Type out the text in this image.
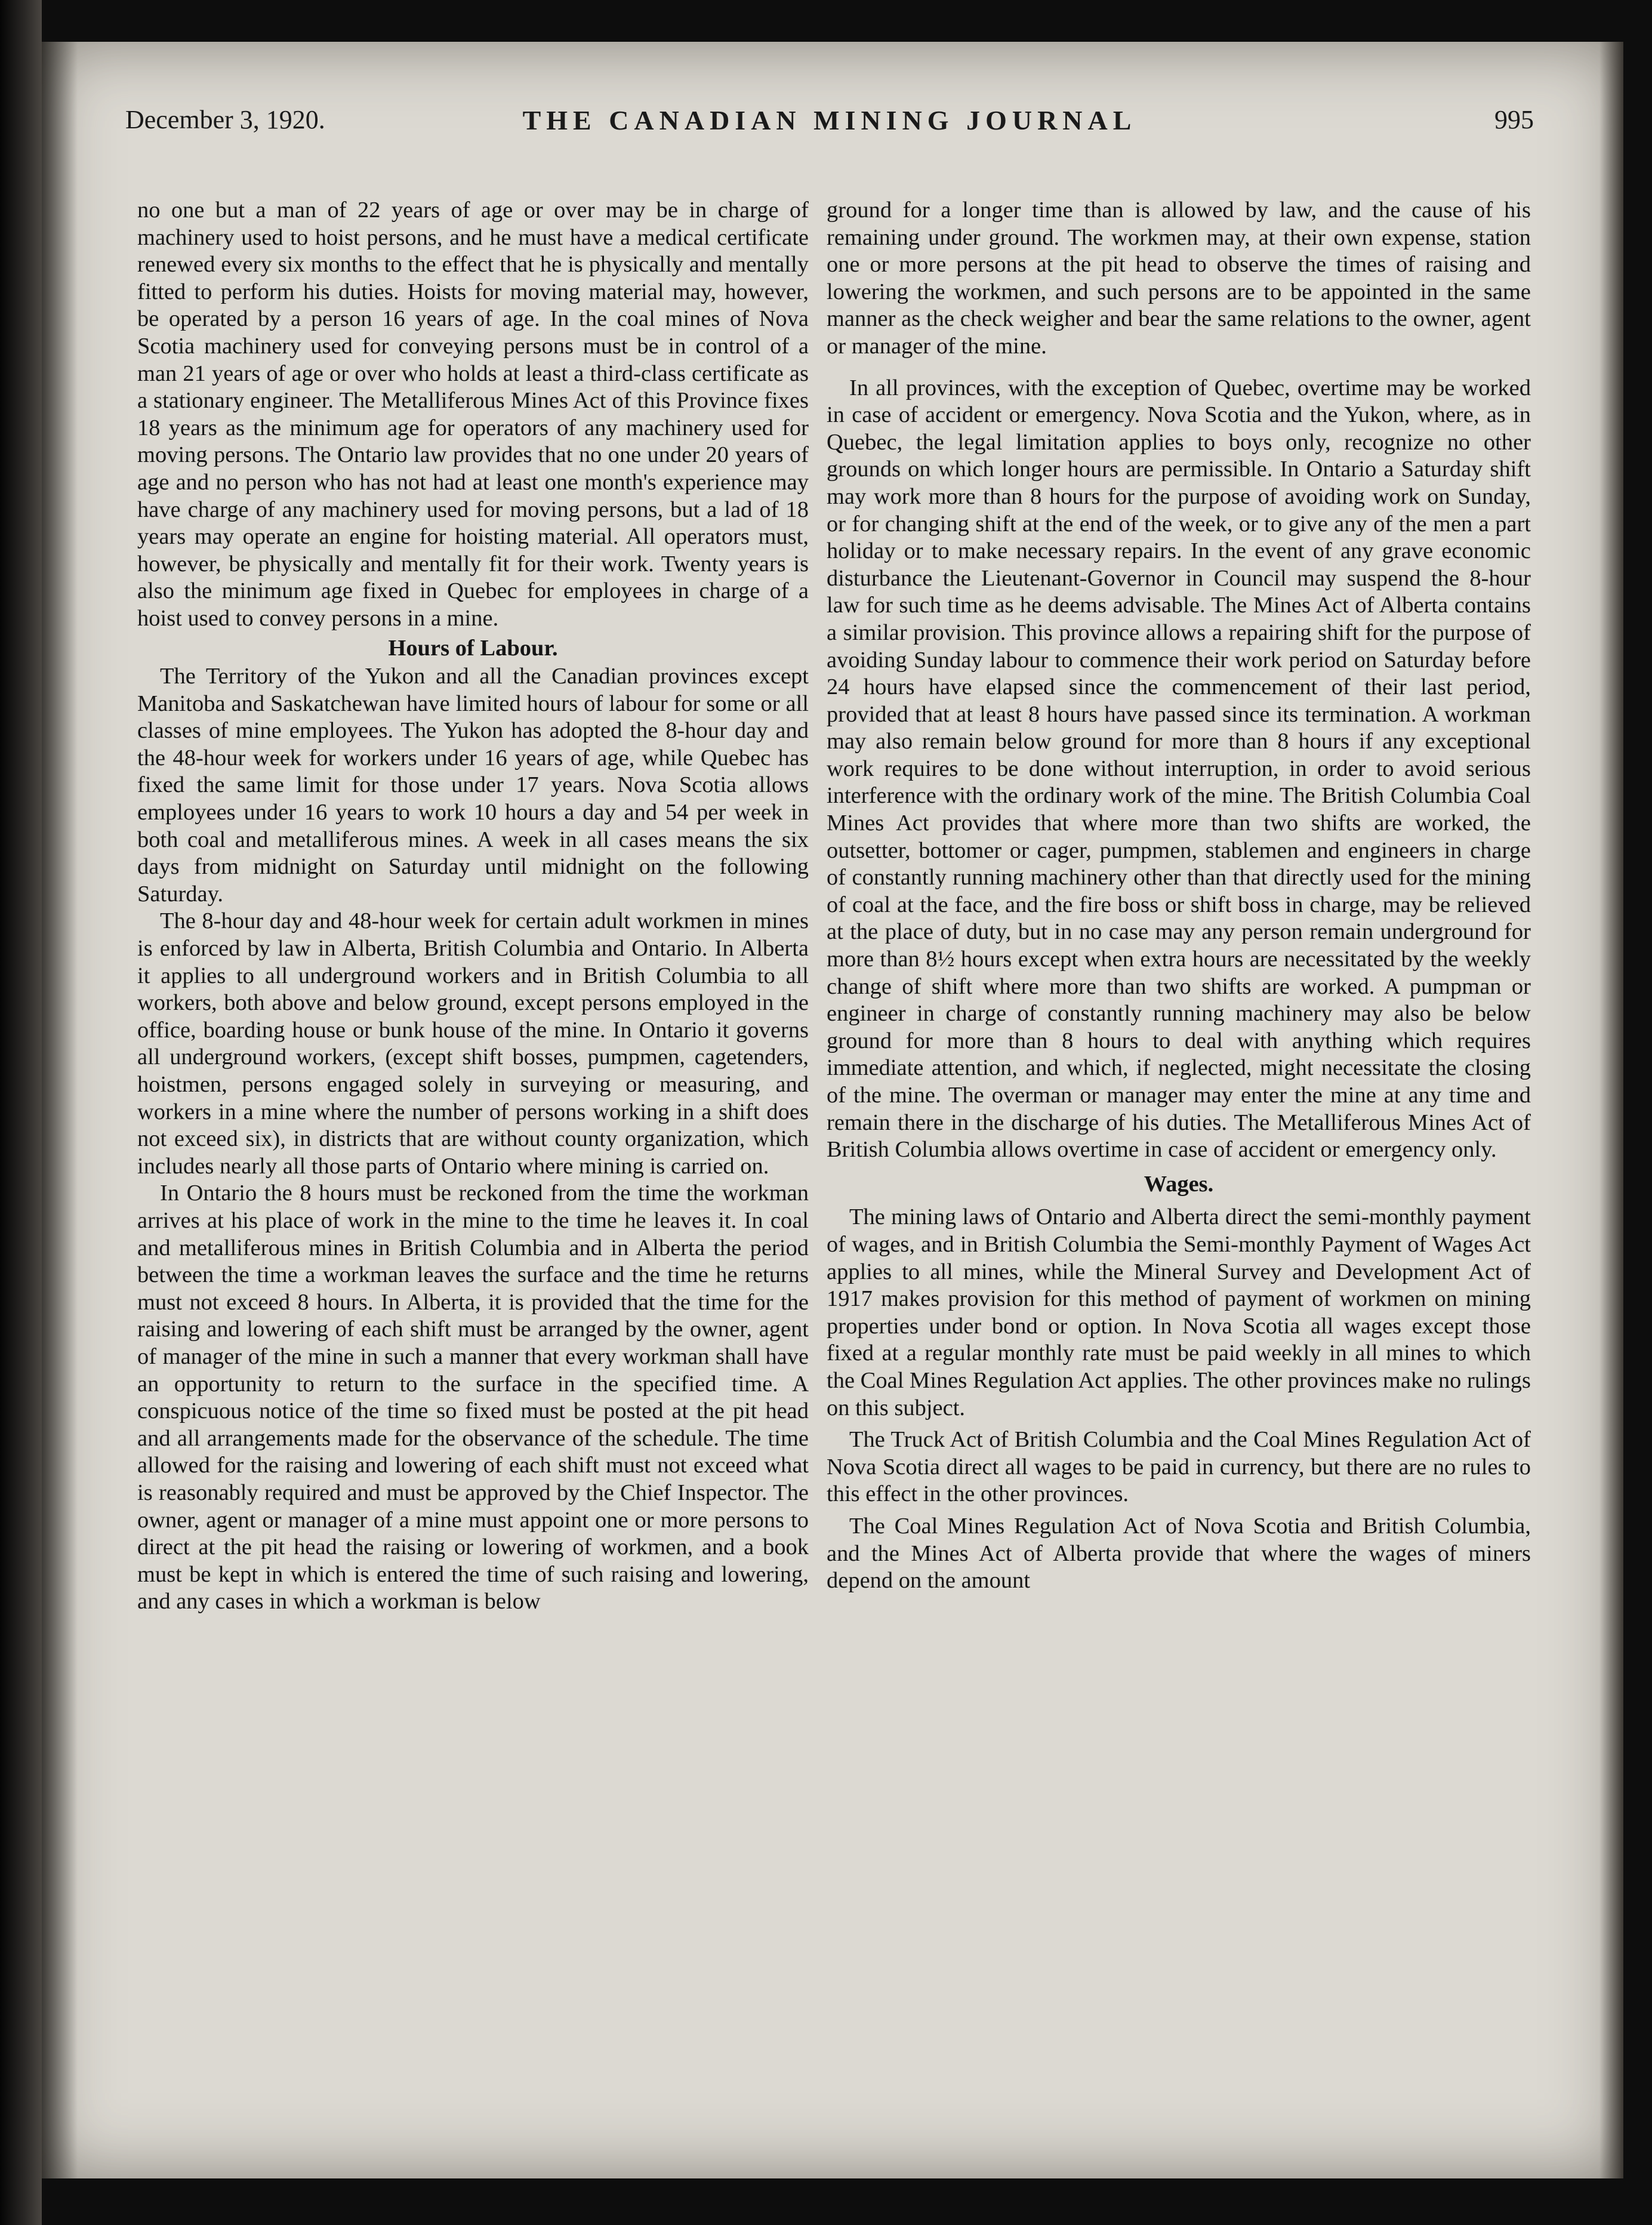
December 3, 1920.	THE CANADIAN MINING JOURNAL	995

no one but a man of 22 years of age or over may be in charge of machinery used to hoist persons, and he must have a medical certificate renewed every six months to the effect that he is physically and mentally fitted to perform his duties. Hoists for moving material may, however, be operated by a person 16 years of age. In the coal mines of Nova Scotia machinery used for conveying persons must be in control of a man 21 years of age or over who holds at least a third-class certificate as a stationary engineer. The Metalliferous Mines Act of this Province fixes 18 years as the minimum age for operators of any machinery used for moving persons. The Ontario law provides that no one under 20 years of age and no person who has not had at least one month's experience may have charge of any machinery used for moving persons, but a lad of 18 years may operate an engine for hoisting material. All operators must, however, be physically and mentally fit for their work. Twenty years is also the minimum age fixed in Quebec for employees in charge of a hoist used to convey persons in a mine.

Hours of Labour.

The Territory of the Yukon and all the Canadian provinces except Manitoba and Saskatchewan have limited hours of labour for some or all classes of mine employees. The Yukon has adopted the 8-hour day and the 48-hour week for workers under 16 years of age, while Quebec has fixed the same limit for those under 17 years. Nova Scotia allows employees under 16 years to work 10 hours a day and 54 per week in both coal and metalliferous mines. A week in all cases means the six days from midnight on Saturday until midnight on the following Saturday.

The 8-hour day and 48-hour week for certain adult workmen in mines is enforced by law in Alberta, British Columbia and Ontario. In Alberta it applies to all underground workers and in British Columbia to all workers, both above and below ground, except persons employed in the office, boarding house or bunk house of the mine. In Ontario it governs all underground workers, (except shift bosses, pumpmen, cagetenders, hoistmen, persons engaged solely in surveying or measuring, and workers in a mine where the number of persons working in a shift does not exceed six), in districts that are without county organization, which includes nearly all those parts of Ontario where mining is carried on.

In Ontario the 8 hours must be reckoned from the time the workman arrives at his place of work in the mine to the time he leaves it. In coal and metalliferous mines in British Columbia and in Alberta the period between the time a workman leaves the surface and the time he returns must not exceed 8 hours. In Alberta, it is provided that the time for the raising and lowering of each shift must be arranged by the owner, agent of manager of the mine in such a manner that every workman shall have an opportunity to return to the surface in the specified time. A conspicuous notice of the time so fixed must be posted at the pit head and all arrangements made for the observance of the schedule. The time allowed for the raising and lowering of each shift must not exceed what is reasonably required and must be approved by the Chief Inspector. The owner, agent or manager of a mine must appoint one or more persons to direct at the pit head the raising or lowering of workmen, and a book must be kept in which is entered the time of such raising and lowering, and any cases in which a workman is below

ground for a longer time than is allowed by law, and the cause of his remaining under ground. The workmen may, at their own expense, station one or more persons at the pit head to observe the times of raising and lowering the workmen, and such persons are to be appointed in the same manner as the check weigher and bear the same relations to the owner, agent or manager of the mine.

In all provinces, with the exception of Quebec, overtime may be worked in case of accident or emergency. Nova Scotia and the Yukon, where, as in Quebec, the legal limitation applies to boys only, recognize no other grounds on which longer hours are permissible. In Ontario a Saturday shift may work more than 8 hours for the purpose of avoiding work on Sunday, or for changing shift at the end of the week, or to give any of the men a part holiday or to make necessary repairs. In the event of any grave economic disturbance the Lieutenant-Governor in Council may suspend the 8-hour law for such time as he deems advisable. The Mines Act of Alberta contains a similar provision. This province allows a repairing shift for the purpose of avoiding Sunday labour to commence their work period on Saturday before 24 hours have elapsed since the commencement of their last period, provided that at least 8 hours have passed since its termination. A workman may also remain below ground for more than 8 hours if any exceptional work requires to be done without interruption, in order to avoid serious interference with the ordinary work of the mine. The British Columbia Coal Mines Act provides that where more than two shifts are worked, the outsetter, bottomer or cager, pumpmen, stablemen and engineers in charge of constantly running machinery other than that directly used for the mining of coal at the face, and the fire boss or shift boss in charge, may be relieved at the place of duty, but in no case may any person remain underground for more than 8½ hours except when extra hours are necessitated by the weekly change of shift where more than two shifts are worked. A pumpman or engineer in charge of constantly running machinery may also be below ground for more than 8 hours to deal with anything which requires immediate attention, and which, if neglected, might necessitate the closing of the mine. The overman or manager may enter the mine at any time and remain there in the discharge of his duties. The Metalliferous Mines Act of British Columbia allows overtime in case of accident or emergency only.

Wages.

The mining laws of Ontario and Alberta direct the semi-monthly payment of wages, and in British Columbia the Semi-monthly Payment of Wages Act applies to all mines, while the Mineral Survey and Development Act of 1917 makes provision for this method of payment of workmen on mining properties under bond or option. In Nova Scotia all wages except those fixed at a regular monthly rate must be paid weekly in all mines to which the Coal Mines Regulation Act applies. The other provinces make no rulings on this subject.

The Truck Act of British Columbia and the Coal Mines Regulation Act of Nova Scotia direct all wages to be paid in currency, but there are no rules to this effect in the other provinces.

The Coal Mines Regulation Act of Nova Scotia and British Columbia, and the Mines Act of Alberta provide that where the wages of miners depend on the amount
